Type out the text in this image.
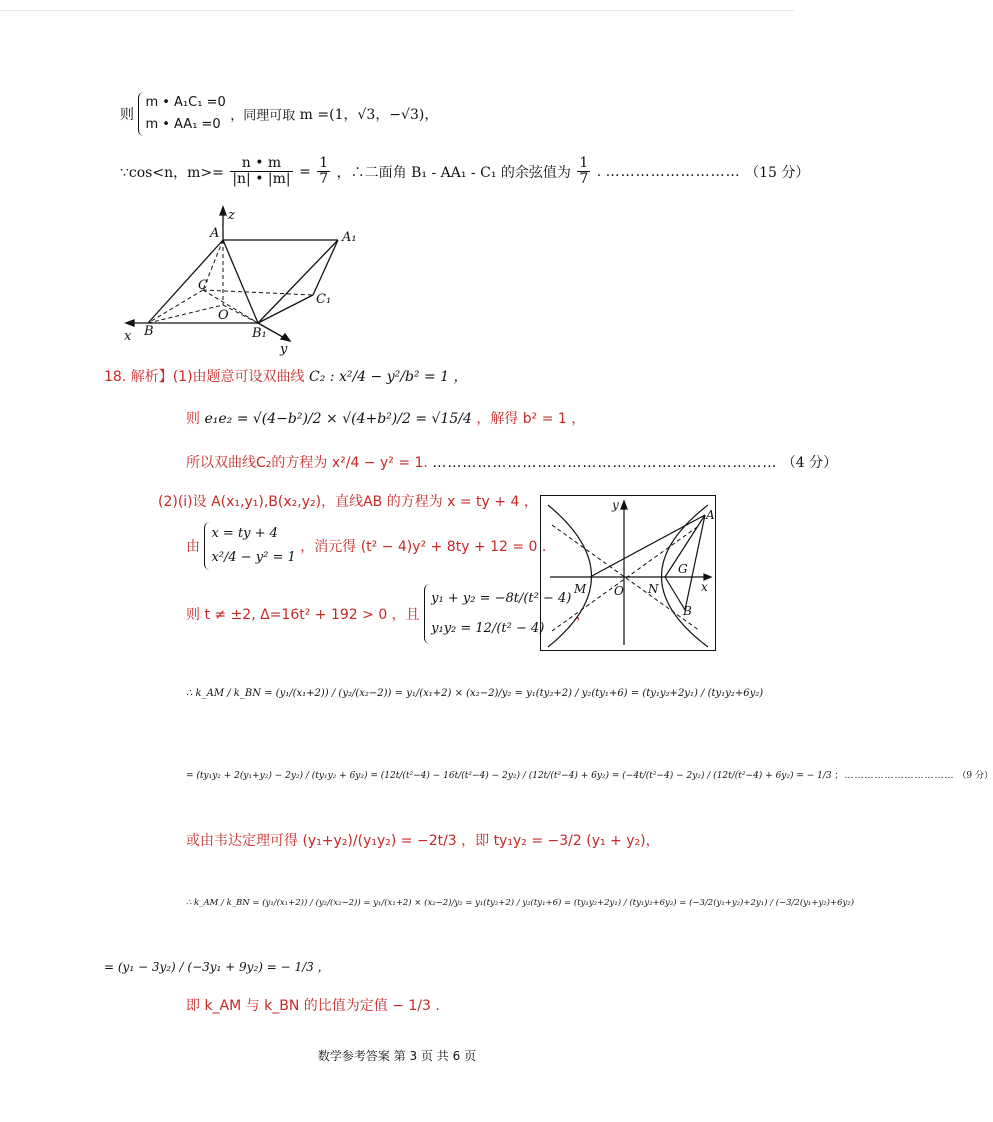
则
m • A₁C₁ =0
m • AA₁ =0
，同理可取 m =(1，√3，−√3)，
∵cos<n，$m>= \frac{n • m}{|n| • |m|} = \frac{1}{7}$ ，∴二面角 B₁ - AA₁ - C₁ 的余弦值为 $\frac{1}{7}$ . ……………………… （15 分）
z
A	A₁
C
C₁
O
x B	B₁
y
18. 解析】(1)由题意可设双曲线 C₂ : x²/4 − y²/b² = 1 ，
则 e₁e₂ = √(4−b²)/2 × √(4+b²)/2 = √15/4 ，解得 b² = 1 ，
所以双曲线C₂的方程为 x²/4 − y² = 1. …………………………………………………………… （4 分）
(2)(i)设 A(x₁,y₁),B(x₂,y₂)，直线AB 的方程为 x = ty + 4 ，
由
x = ty + 4
x²/4 − y² = 1
，消元得 (t² − 4)y² + 8ty + 12 = 0 .
则 t ≠ ±2, Δ=16t² + 192 > 0 ，且
y₁ + y₂ = −8t/(t² − 4)
y₁y₂ = 12/(t² − 4)
，
y
A
M O N
G
x
B
∴ k_AM / k_BN = (y₁/(x₁+2)) / (y₂/(x₂−2)) = y₁/(x₁+2) × (x₂−2)/y₂ = y₁(ty₂+2) / y₂(ty₁+6) = (ty₁y₂+2y₁) / (ty₁y₂+6y₂)
= (ty₁y₂ + 2(y₁+y₂) − 2y₂) / (ty₁y₂ + 6y₂) = (12t/(t²−4) − 16t/(t²−4) − 2y₂) / (12t/(t²−4) + 6y₂) = (−4t/(t²−4) − 2y₂) / (12t/(t²−4) + 6y₂) = − 1/3 ；…………………………… （9 分）
或由韦达定理可得 (y₁+y₂)/(y₁y₂) = −2t/3 ，即 ty₁y₂ = −3/2 (y₁ + y₂)，
∴ k_AM / k_BN = (y₁/(x₁+2)) / (y₂/(x₂−2)) = y₁/(x₁+2) × (x₂−2)/y₂ = y₁(ty₂+2) / y₂(ty₁+6) = (ty₁y₂+2y₁) / (ty₁y₂+6y₂) = (−3/2(y₁+y₂)+2y₁) / (−3/2(y₁+y₂)+6y₂)
= (y₁ − 3y₂) / (−3y₁ + 9y₂) = − 1/3 ，
即 k_AM 与 k_BN 的比值为定值 − 1/3 .
数学参考答案 第 3 页 共 6 页
